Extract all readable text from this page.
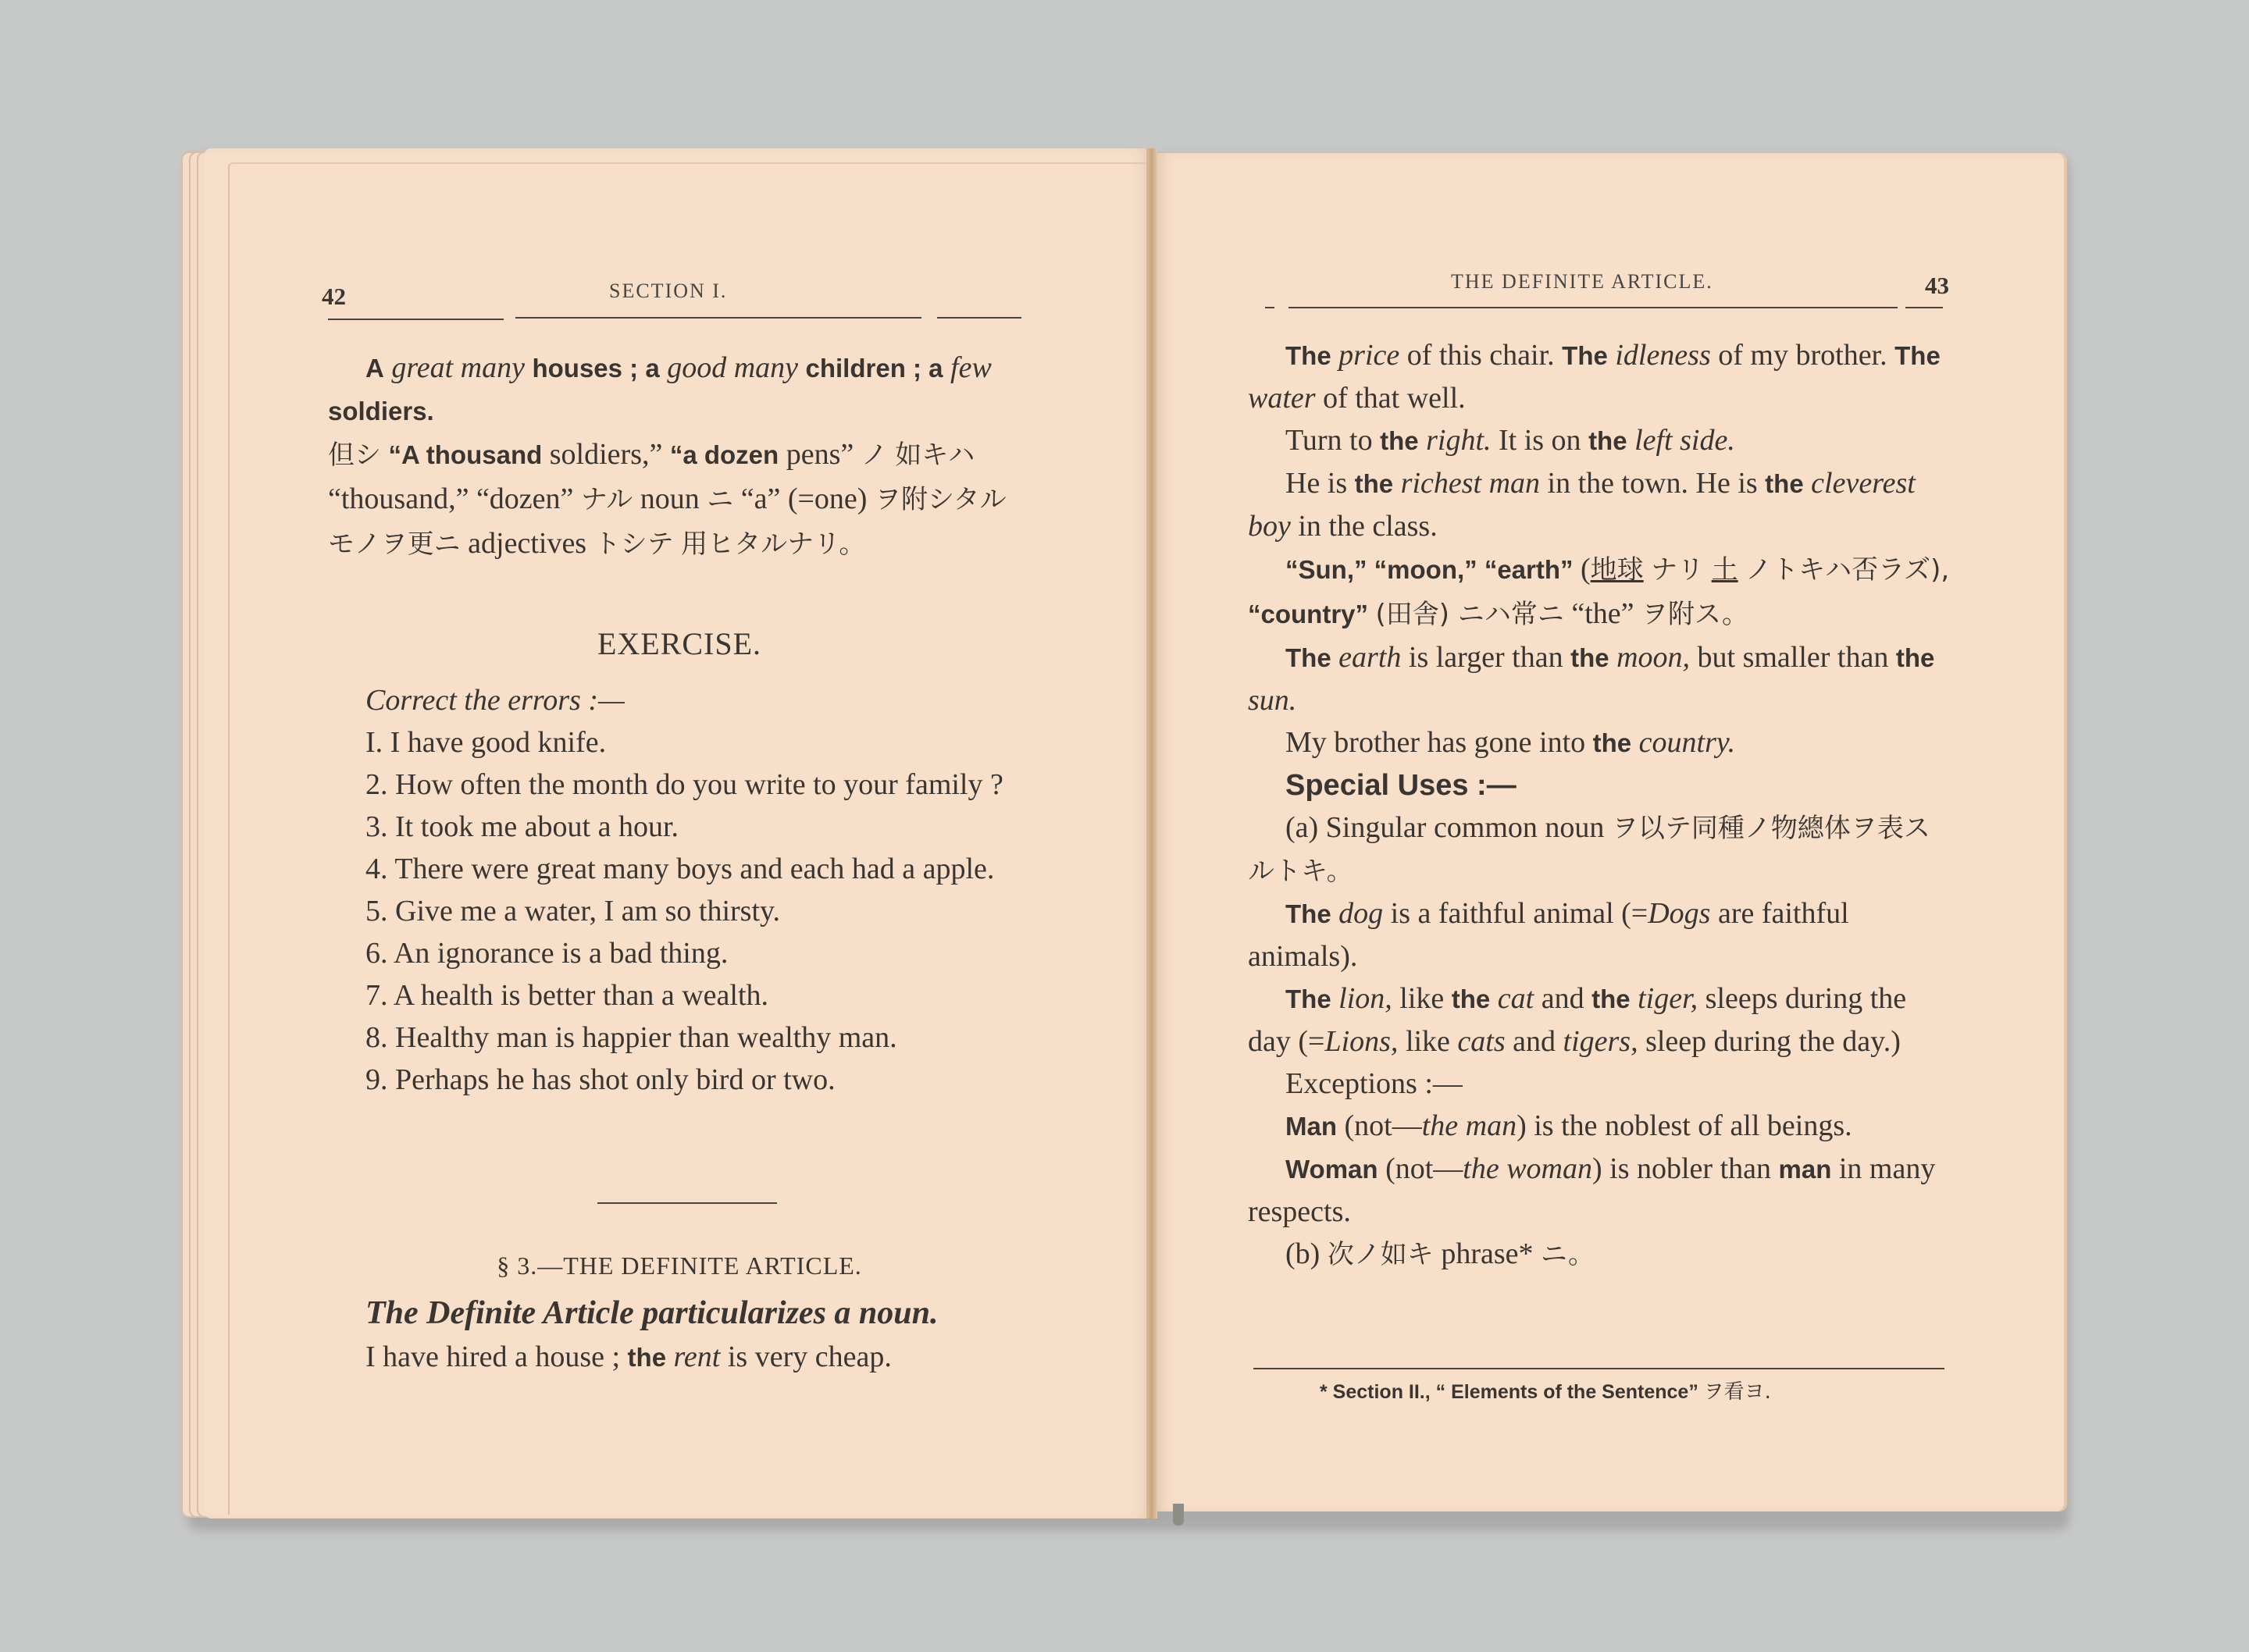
42	SECTION I.

A great many houses ; a good many children ; a few soldiers.

但シ “A thousand soldiers,” “a dozen pens” ノ 如キハ “thousand,” “dozen” ナル noun ニ “a” (=one) ヲ附シタルモノヲ更ニ adjectives トシテ 用ヒタルナリ。

EXERCISE.

Correct the errors :—

I. I have good knife.

2. How often the month do you write to your family ?

3. It took me about a hour.

4. There were great many boys and each had a apple.

5. Give me a water, I am so thirsty.

6. An ignorance is a bad thing.

7. A health is better than a wealth.

8. Healthy man is happier than wealthy man.

9. Perhaps he has shot only bird or two.

§ 3.—THE DEFINITE ARTICLE.

The Definite Article particularizes a noun.

I have hired a house ; the rent is very cheap.

THE DEFINITE ARTICLE.	43

The price of this chair. The idleness of my brother. The water of that well.

Turn to the right. It is on the left side.

He is the richest man in the town. He is the cleverest boy in the class.

“Sun,” “moon,” “earth” (地球 ナリ 土 ノトキハ否ラズ), “country” (田舎) ニハ常ニ “the” ヲ附ス。

The earth is larger than the moon, but smaller than the sun.

My brother has gone into the country.

Special Uses :—

(a) Singular common noun ヲ以テ同種ノ物總体ヲ表スルトキ。

The dog is a faithful animal (=Dogs are faithful animals).

The lion, like the cat and the tiger, sleeps during the day (=Lions, like cats and tigers, sleep during the day.)

Exceptions :—

Man (not—the man) is the noblest of all beings.

Woman (not—the woman) is nobler than man in many respects.

(b) 次ノ如キ phrase* ニ。

* Section II., “ Elements of the Sentence” ヲ看ヨ.
